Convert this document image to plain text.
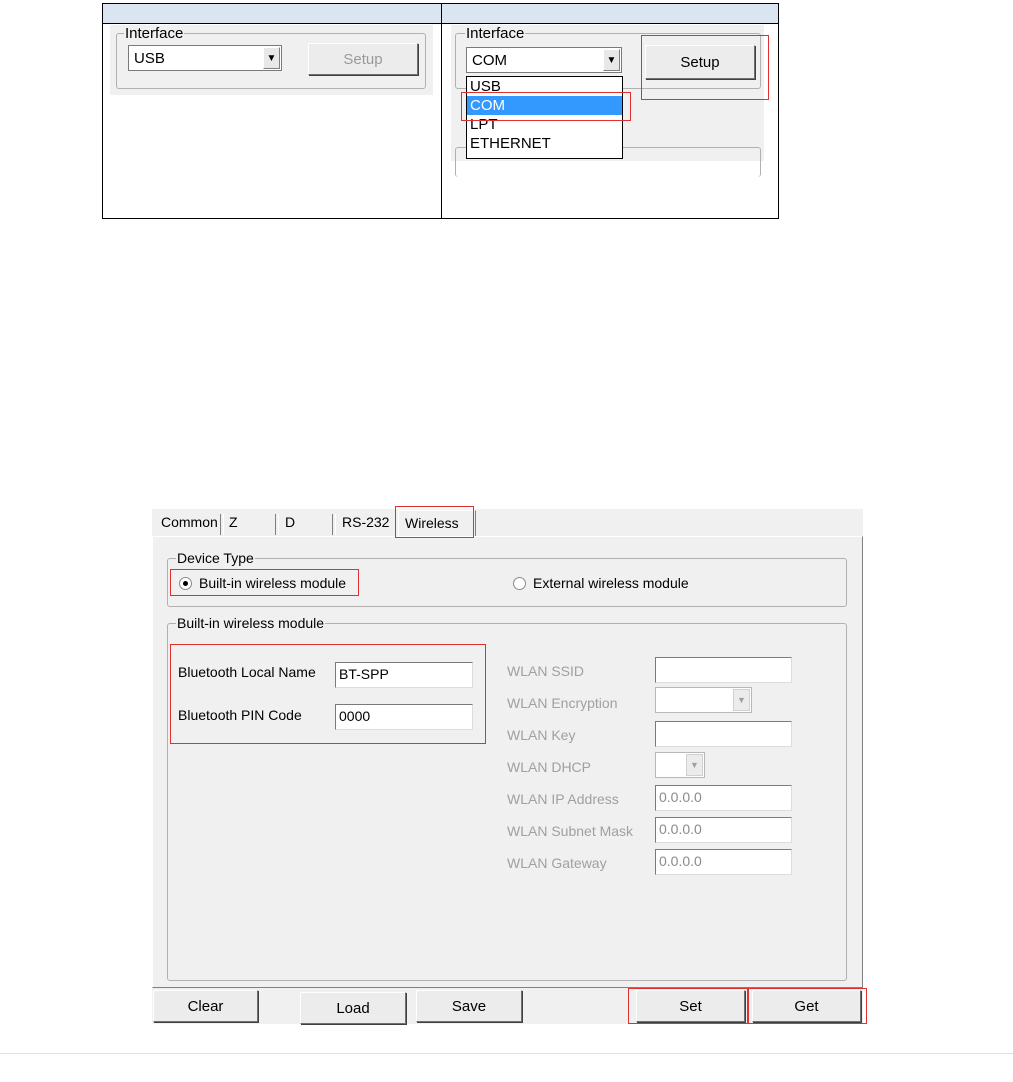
Interface
USB	▼	Setup
Interface
COM	▼	Setup
USB
COM
LPT
ETHERNET
Common Z	D	RS-232	Wireless
Device Type
Built-in wireless module	External wireless module
Built-in wireless module
Bluetooth Local Name BT-SPP
Bluetooth PIN Code	0000
WLAN SSID
WLAN Encryption	▼
WLAN Key
WLAN DHCP	▼
WLAN IP Address	0.0.0.0
WLAN Subnet Mask 0.0.0.0
WLAN Gateway	0.0.0.0
Clear	Load	Save	Set	Get
